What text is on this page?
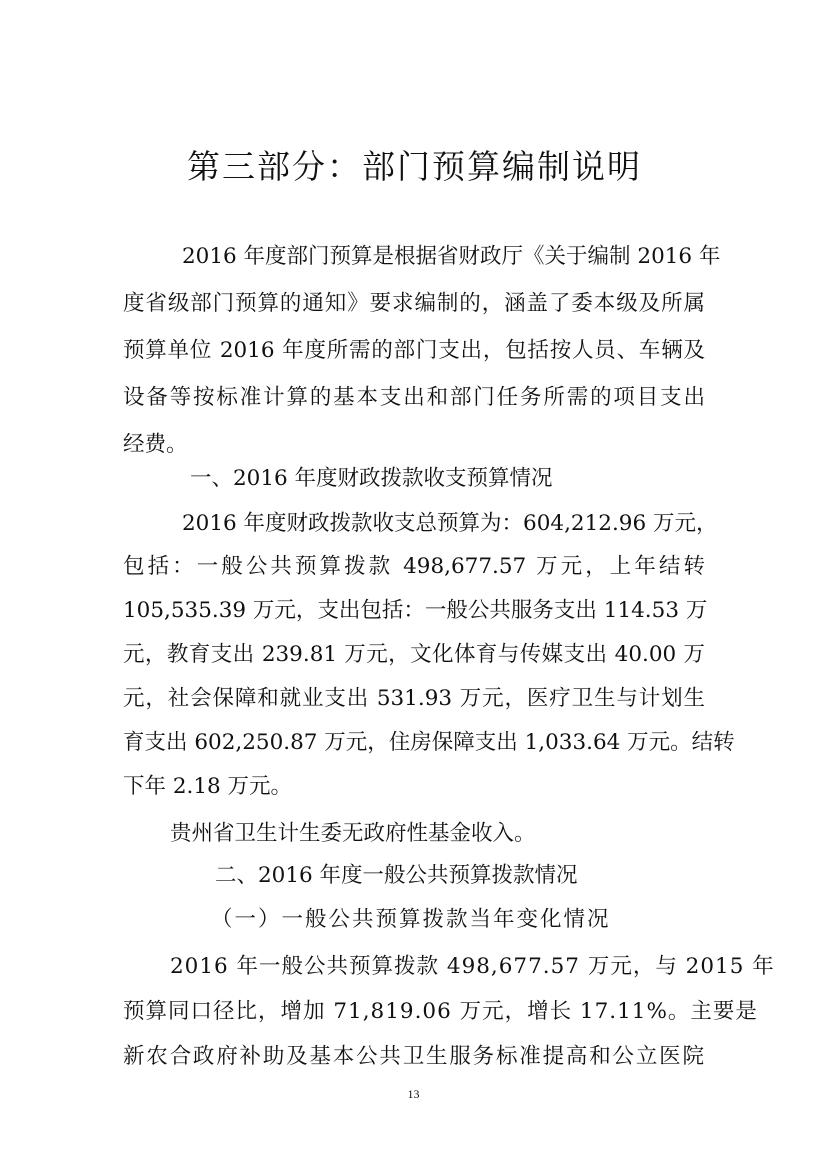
第三部分：部门预算编制说明
2016 年度部门预算是根据省财政厅《关于编制 2016 年
度省级部门预算的通知》要求编制的，涵盖了委本级及所属
预算单位 2016 年度所需的部门支出，包括按人员、车辆及
设备等按标准计算的基本支出和部门任务所需的项目支出
经费。
一、2016 年度财政拨款收支预算情况
2016 年度财政拨款收支总预算为：604,212.96 万元，
包括：一般公共预算拨款 498,677.57 万元，上年结转
105,535.39 万元，支出包括：一般公共服务支出 114.53 万
元，教育支出 239.81 万元，文化体育与传媒支出 40.00 万
元，社会保障和就业支出 531.93 万元，医疗卫生与计划生
育支出 602,250.87 万元，住房保障支出 1,033.64 万元。结转
下年 2.18 万元。
贵州省卫生计生委无政府性基金收入。
二、2016 年度一般公共预算拨款情况
（一）一般公共预算拨款当年变化情况
2016 年一般公共预算拨款 498,677.57 万元，与 2015 年
预算同口径比，增加 71,819.06 万元，增长 17.11%。主要是
新农合政府补助及基本公共卫生服务标准提高和公立医院
13
